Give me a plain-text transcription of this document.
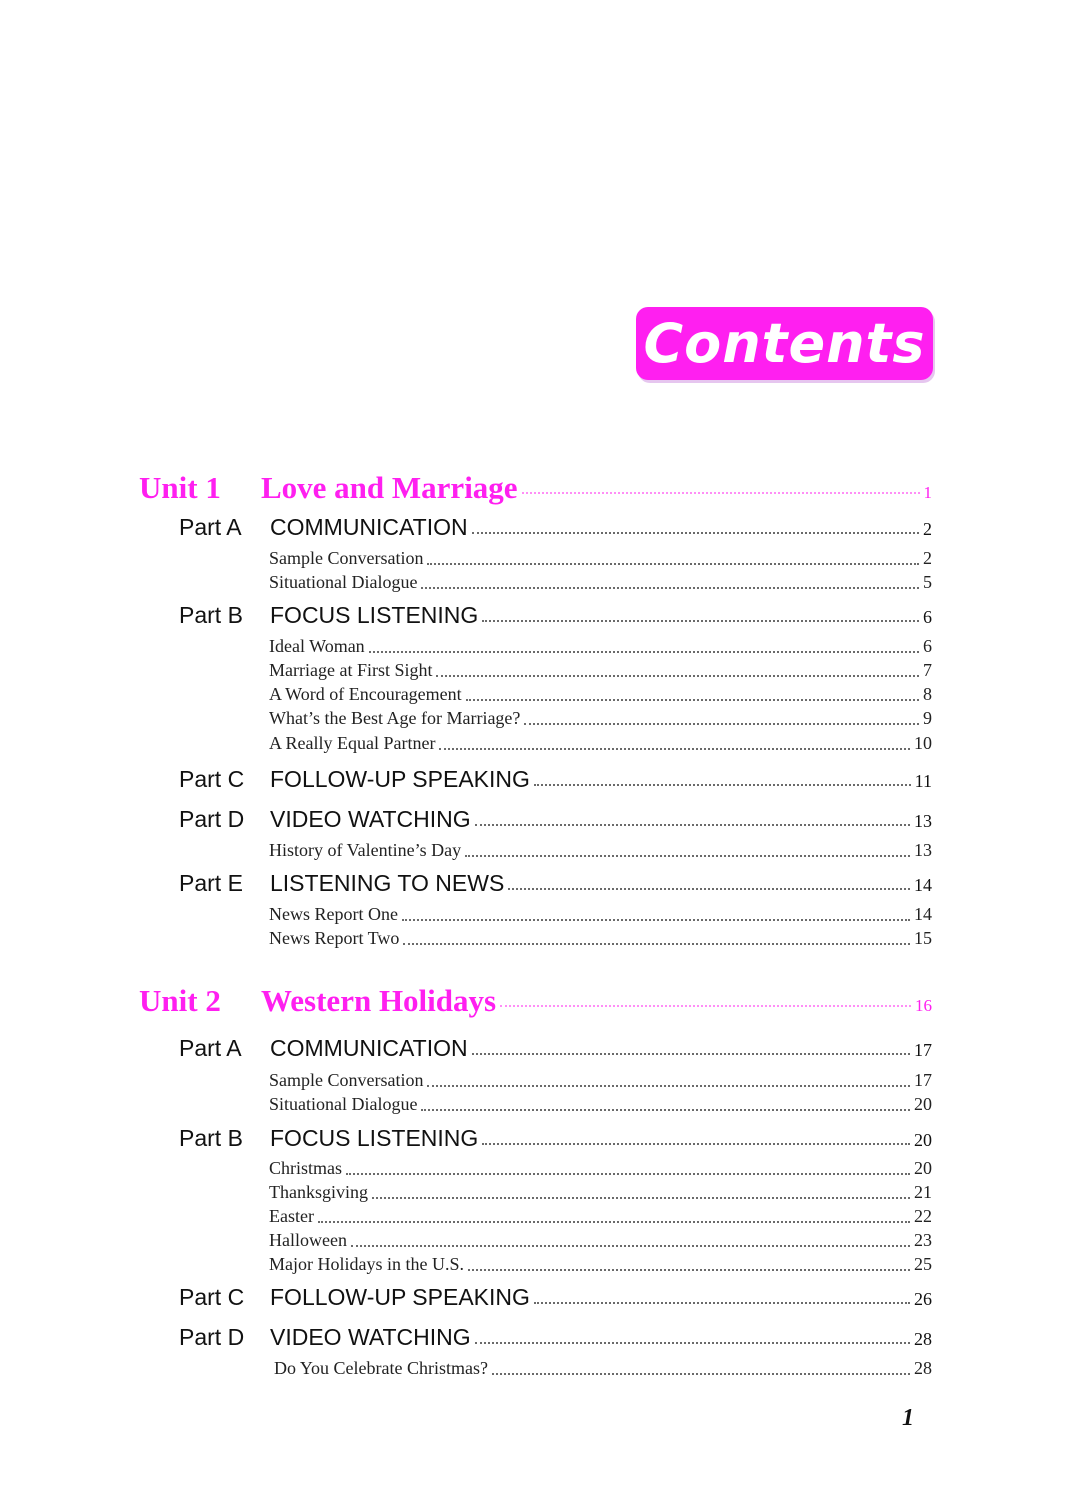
Contents
Unit 1	Love and Marriage	1
Part A	COMMUNICATION	2
Sample Conversation	2
Situational Dialogue	5
Part B	FOCUS LISTENING	6
Ideal Woman	6
Marriage at First Sight	7
A Word of Encouragement	8
What’s the Best Age for Marriage?	9
A Really Equal Partner	10
Part C	FOLLOW-UP SPEAKING	11
Part D	VIDEO WATCHING	13
History of Valentine’s Day	13
Part E	LISTENING TO NEWS	14
News Report One	14
News Report Two	15
Unit 2	Western Holidays	16
Part A	COMMUNICATION	17
Sample Conversation	17
Situational Dialogue	20
Part B	FOCUS LISTENING	20
Christmas	20
Thanksgiving	21
Easter	22
Halloween	23
Major Holidays in the U.S.	25
Part C	FOLLOW-UP SPEAKING	26
Part D	VIDEO WATCHING	28
Do You Celebrate Christmas?	28
1
